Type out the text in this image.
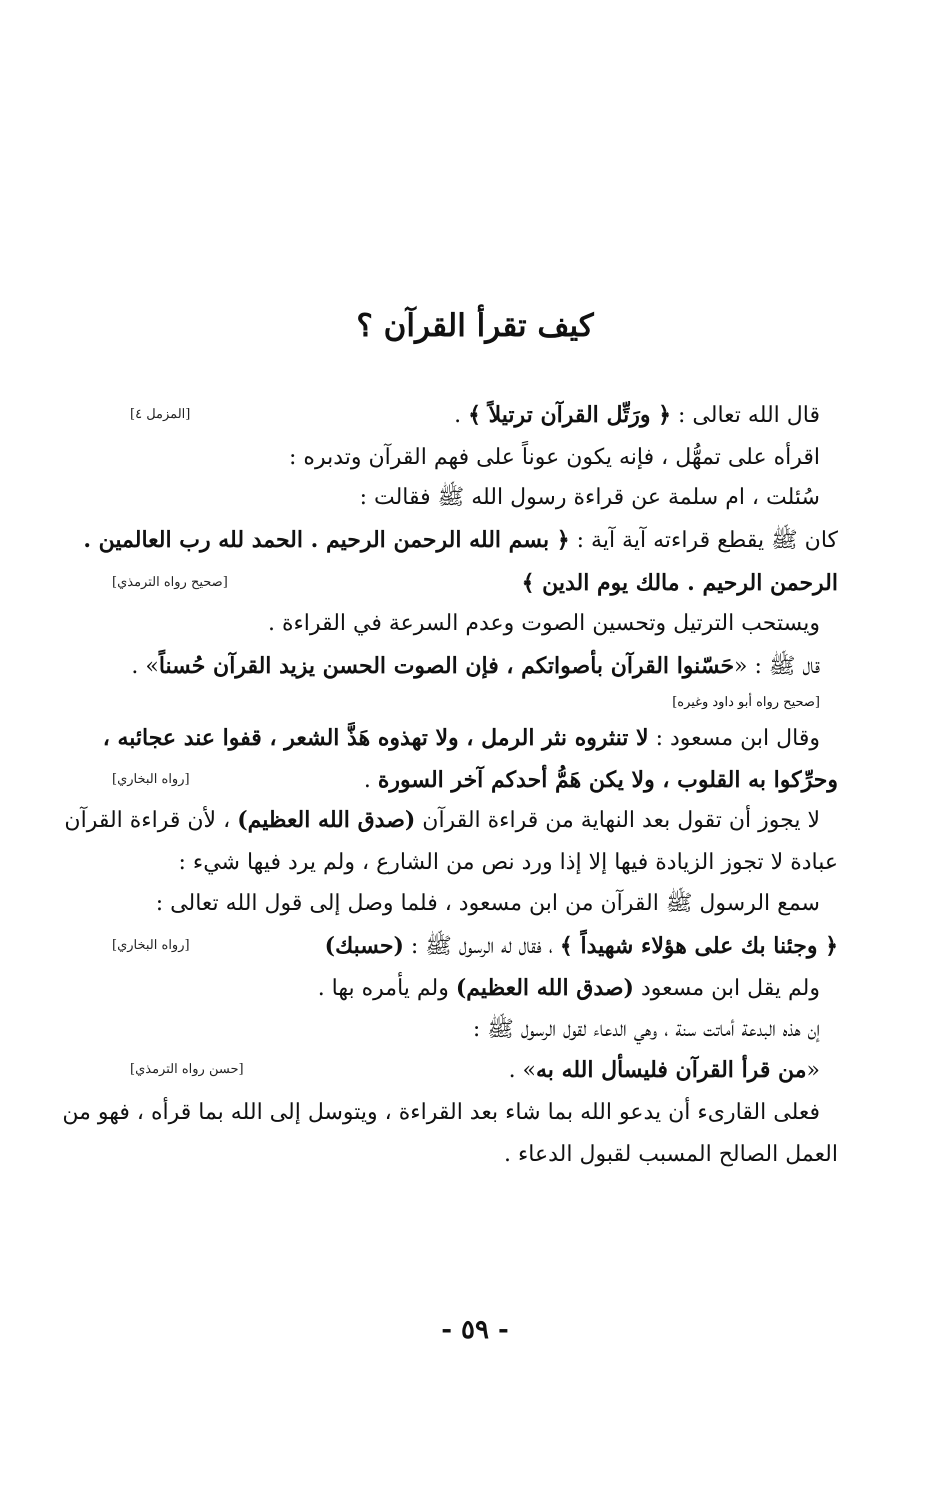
كيف تقرأ القرآن ؟
قال الله تعالى : ﴿ ورَتِّل القرآن ترتيلاً ﴾ .
[المزمل ٤]
اقرأه على تمهُّل ، فإنه يكون عوناً على فهم القرآن وتدبره :
سُئلت ، ام سلمة عن قراءة رسول الله ﷺ فقالت :
كان ﷺ يقطع قراءته آية آية : ﴿ بسم الله الرحمن الرحيم . الحمد لله رب العالمين .
الرحمن الرحيم . مالك يوم الدين ﴾
[صحيح رواه الترمذي]
ويستحب الترتيل وتحسين الصوت وعدم السرعة في القراءة .
قال ﷺ : «حَسّنوا القرآن بأصواتكم ، فإن الصوت الحسن يزيد القرآن حُسناً» .
[صحيح رواه أبو داود وغيره]
وقال ابن مسعود : لا تنثروه نثر الرمل ، ولا تهذوه هَذَّ الشعر ، قفوا عند عجائبه ،
وحرِّكوا به القلوب ، ولا يكن هَمُّ أحدكم آخر السورة .
[رواه البخاري]
لا يجوز أن تقول بعد النهاية من قراءة القرآن (صدق الله العظيم) ، لأن قراءة القرآن
عبادة لا تجوز الزيادة فيها إلا إذا ورد نص من الشارع ، ولم يرد فيها شيء :
سمع الرسول ﷺ القرآن من ابن مسعود ، فلما وصل إلى قول الله تعالى :
﴿ وجئنا بك على هؤلاء شهيداً ﴾ ، فقال له الرسول ﷺ : (حسبك)
[رواه البخاري]
ولم يقل ابن مسعود (صدق الله العظيم) ولم يأمره بها .
إن هذه البدعة أماتت سنة ، وهي الدعاء لقول الرسول ﷺ :
«من قرأ القرآن فليسأل الله به» .
[حسن رواه الترمذي]
فعلى القارىء أن يدعو الله بما شاء بعد القراءة ، ويتوسل إلى الله بما قرأه ، فهو من
العمل الصالح المسبب لقبول الدعاء .
- ٥٩ -
